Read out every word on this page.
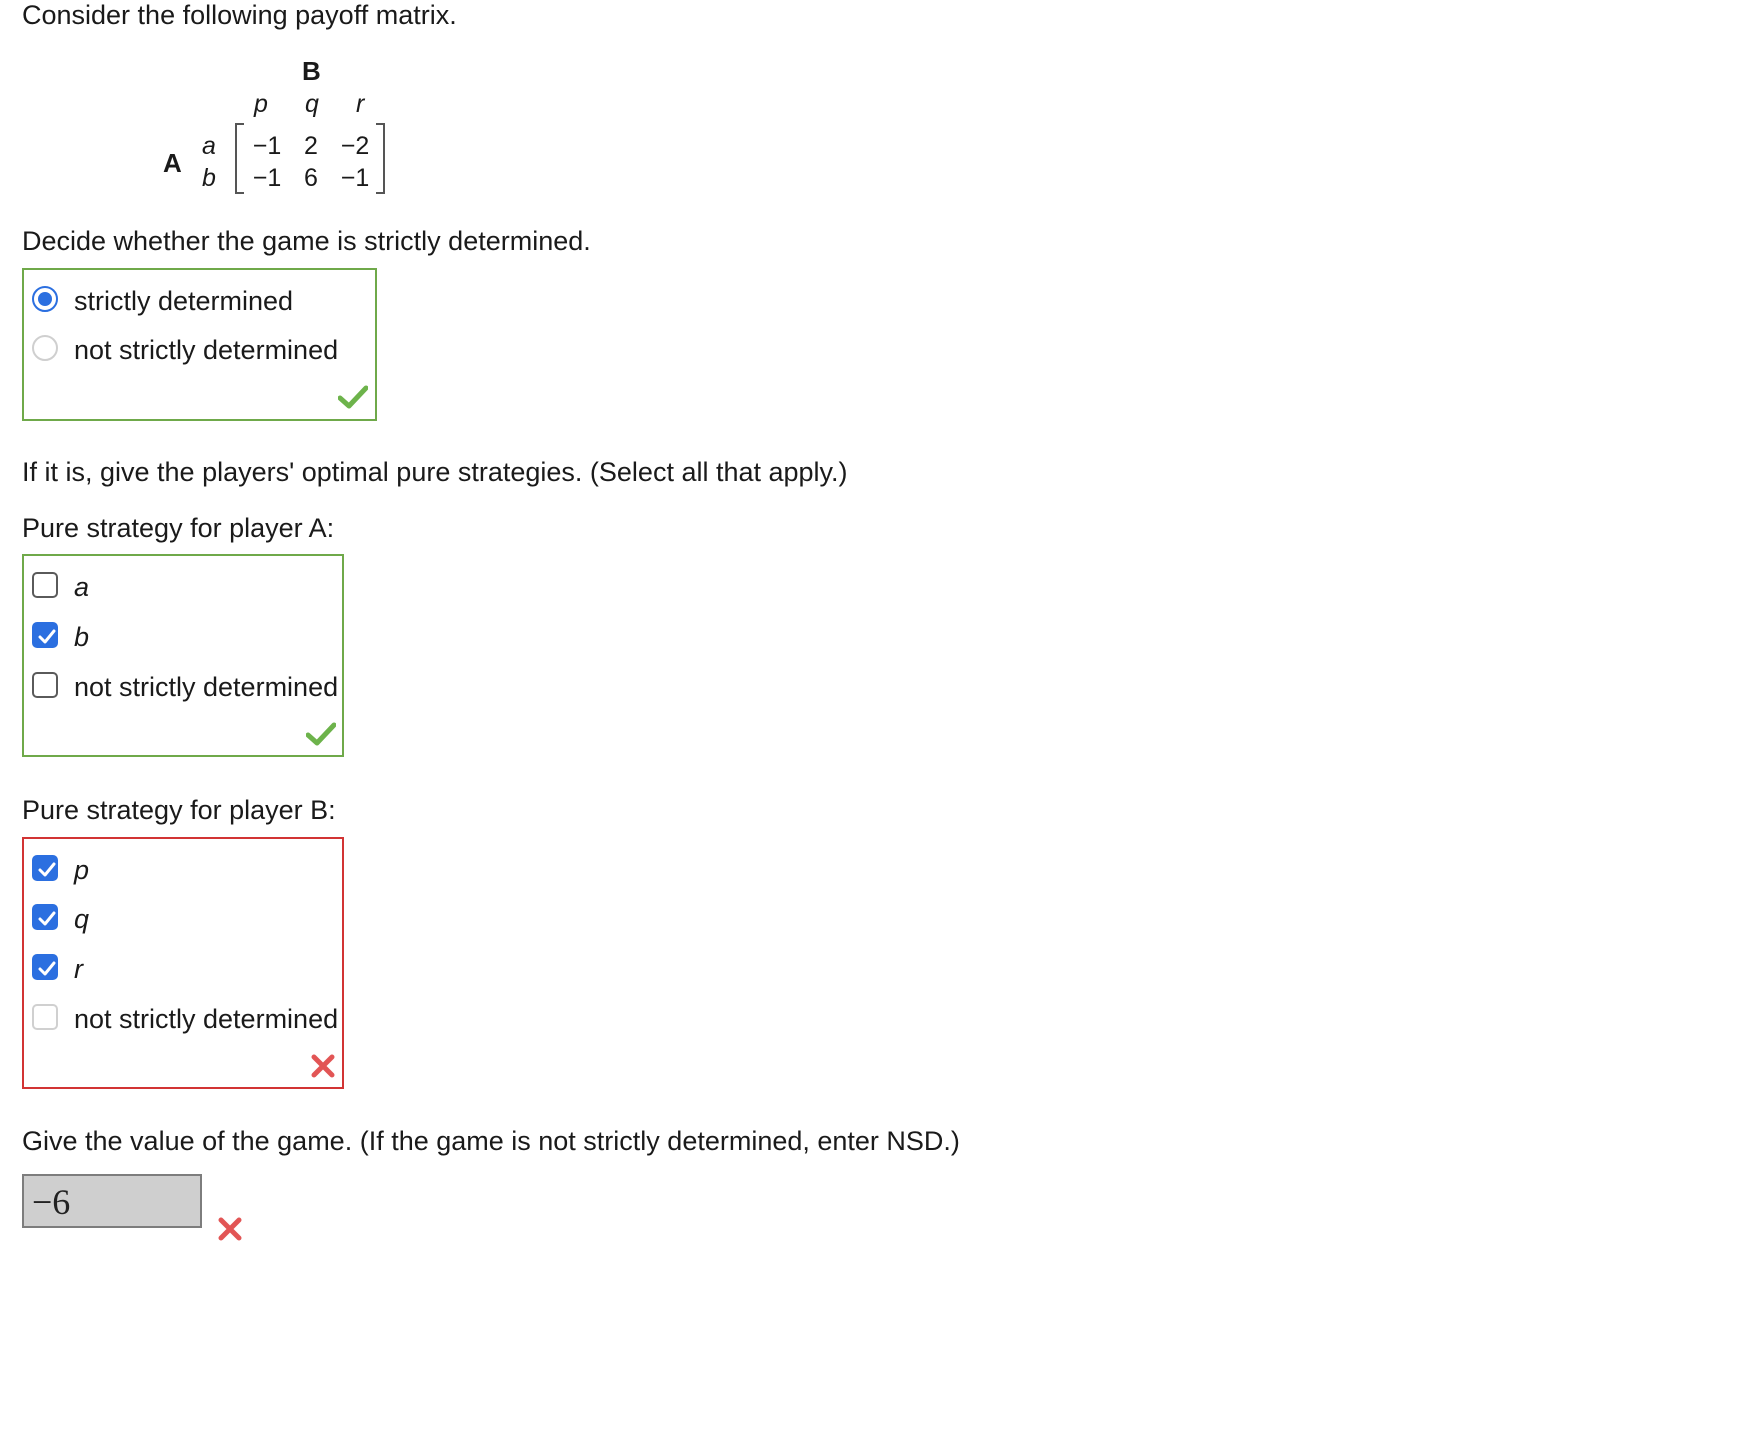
Consider the following payoff matrix.
B
A
p q r
a
b
−1 2 −2
−1 6 −1
Decide whether the game is strictly determined.
strictly determined
not strictly determined
If it is, give the players' optimal pure strategies. (Select all that apply.)
Pure strategy for player A:
a
b
not strictly determined
Pure strategy for player B:
p
q
r
not strictly determined
Give the value of the game. (If the game is not strictly determined, enter NSD.)
−6
